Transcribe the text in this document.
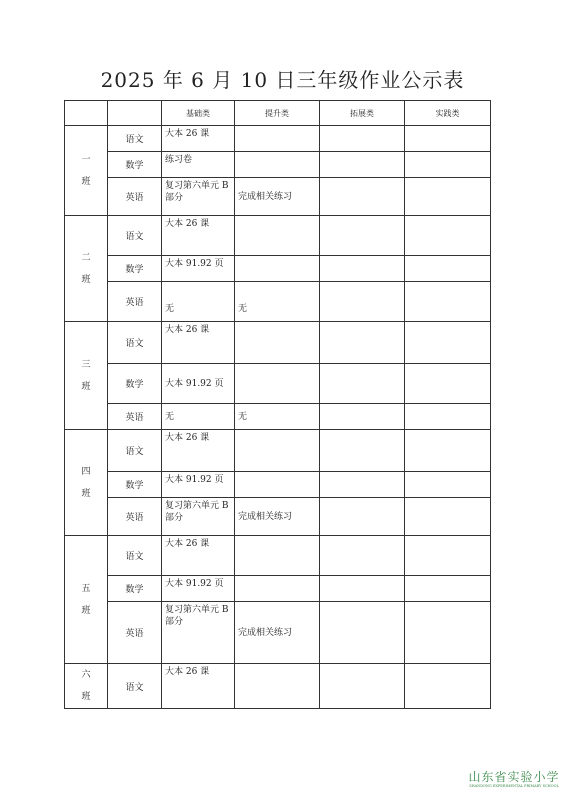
2025 年 6 月 10 日三年级作业公示表
		基础类	提升类	拓展类	实践类

一
班	语文	大本 26 课			
	数学	练习卷			
	英语	复习第六单元 B 部分	完成相关练习		

二
班	语文	大本 26 课			
	数学	大本 91.92 页			
	英语	无	无		

三
班	语文	大本 26 课			
	数学	大本 91.92 页			
	英语	无	无		

四
班	语文	大本 26 课			
	数学	大本 91.92 页			
	英语	复习第六单元 B 部分	完成相关练习		

五
班	语文	大本 26 课			
	数学	大本 91.92 页			
	英语	复习第六单元 B 部分	完成相关练习		

六
班	语文	大本 26 课			
山东省实验小学
SHANDONG EXPERIMENTAL PRIMARY SCHOOL
